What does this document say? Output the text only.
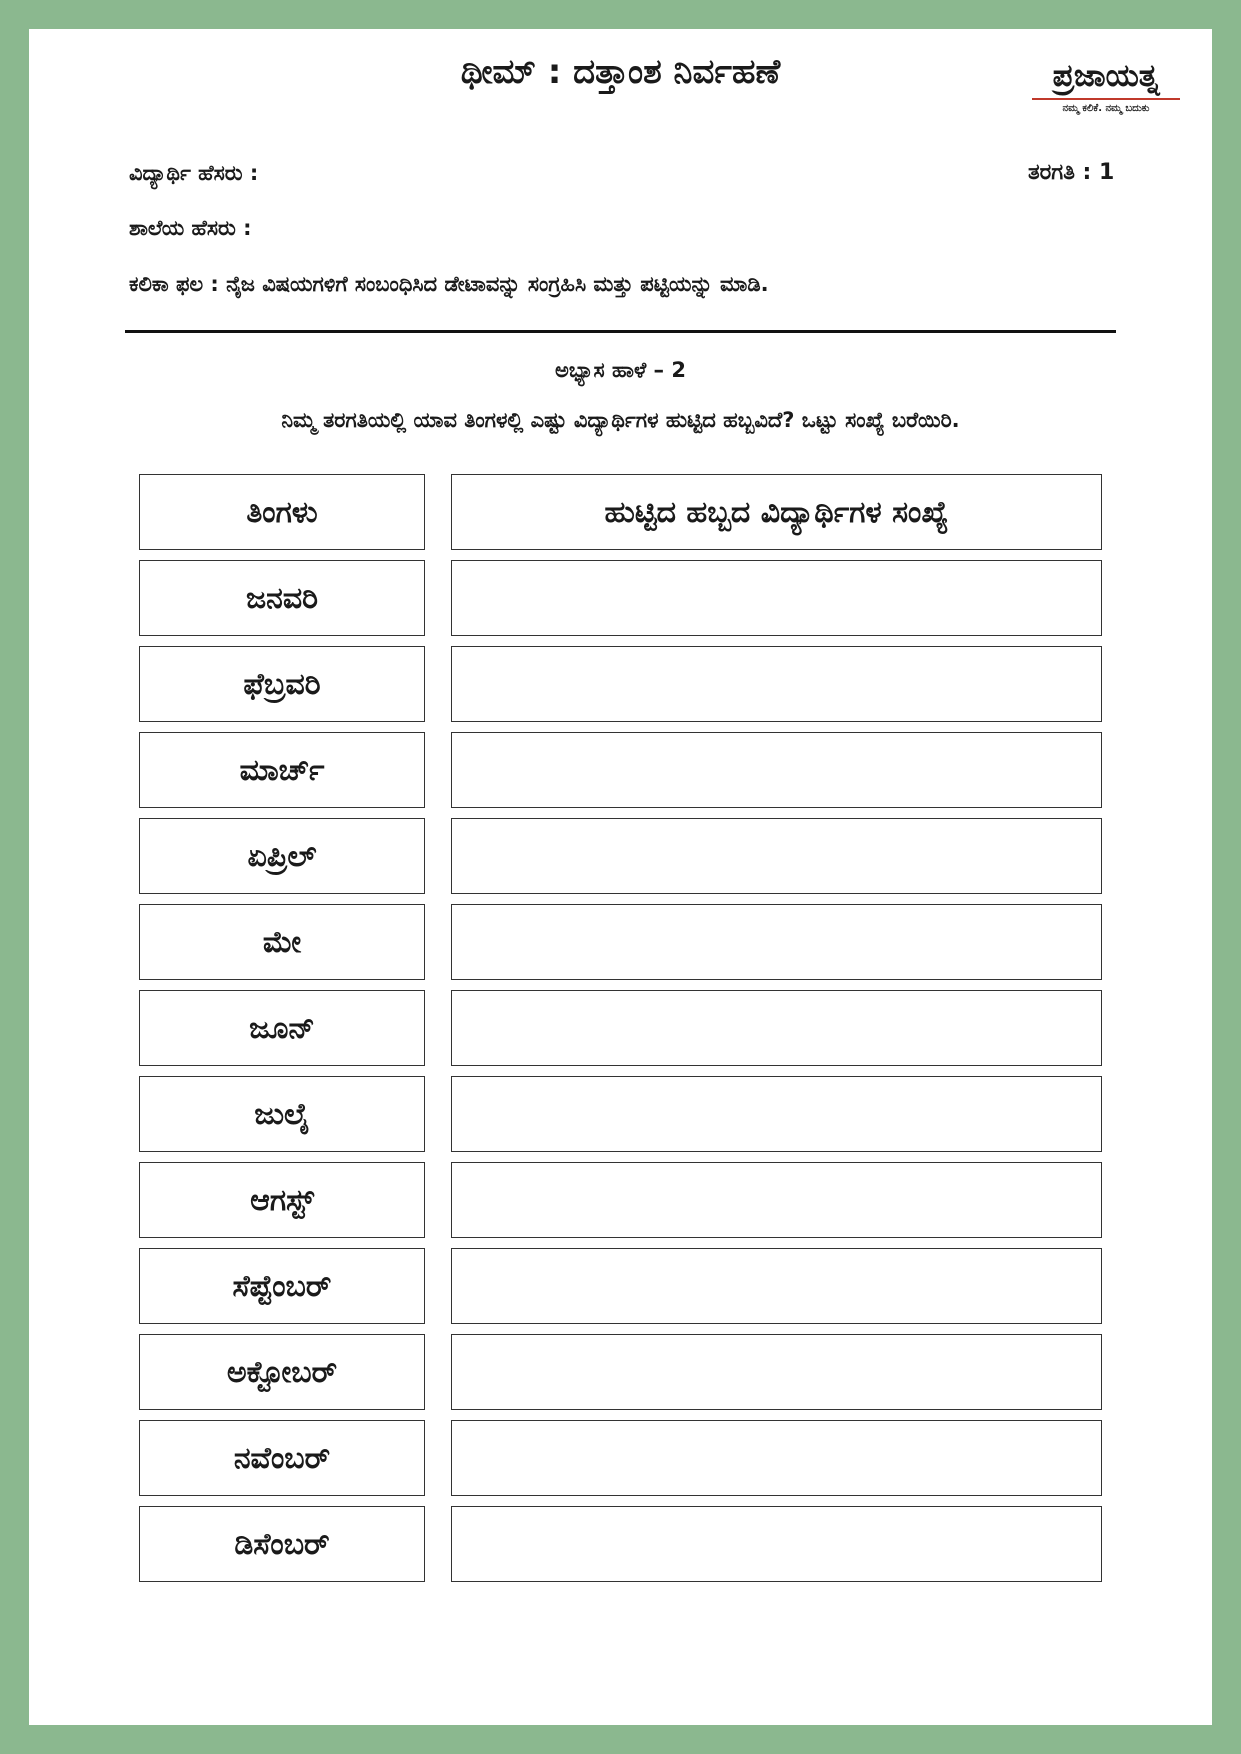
ಥೀಮ್ : ದತ್ತಾಂಶ ನಿರ್ವಹಣೆ	ಪ್ರಜಾಯತ್ನ
ನಮ್ಮ ಕಲಿಕೆ. ನಮ್ಮ ಬದುಕು
ವಿದ್ಯಾರ್ಥಿ ಹೆಸರು :	ತರಗತಿ : 1
ಶಾಲೆಯ ಹೆಸರು :
ಕಲಿಕಾ ಫಲ : ನೈಜ ವಿಷಯಗಳಿಗೆ ಸಂಬಂಧಿಸಿದ ಡೇಟಾವನ್ನು ಸಂಗ್ರಹಿಸಿ ಮತ್ತು ಪಟ್ಟಿಯನ್ನು ಮಾಡಿ.
ಅಭ್ಯಾಸ ಹಾಳೆ – 2
ನಿಮ್ಮ ತರಗತಿಯಲ್ಲಿ ಯಾವ ತಿಂಗಳಲ್ಲಿ ಎಷ್ಟು ವಿದ್ಯಾರ್ಥಿಗಳ ಹುಟ್ಟಿದ ಹಬ್ಬವಿದೆ? ಒಟ್ಟು ಸಂಖ್ಯೆ ಬರೆಯಿರಿ.
ತಿಂಗಳು	ಹುಟ್ಟಿದ ಹಬ್ಬದ ವಿದ್ಯಾರ್ಥಿಗಳ ಸಂಖ್ಯೆ
ಜನವರಿ
ಫೆಬ್ರವರಿ
ಮಾರ್ಚ್
ಏಪ್ರಿಲ್
ಮೇ
ಜೂನ್
ಜುಲೈ
ಆಗಸ್ಟ್
ಸೆಪ್ಟೆಂಬರ್
ಅಕ್ಟೋಬರ್
ನವೆಂಬರ್
ಡಿಸೆಂಬರ್
